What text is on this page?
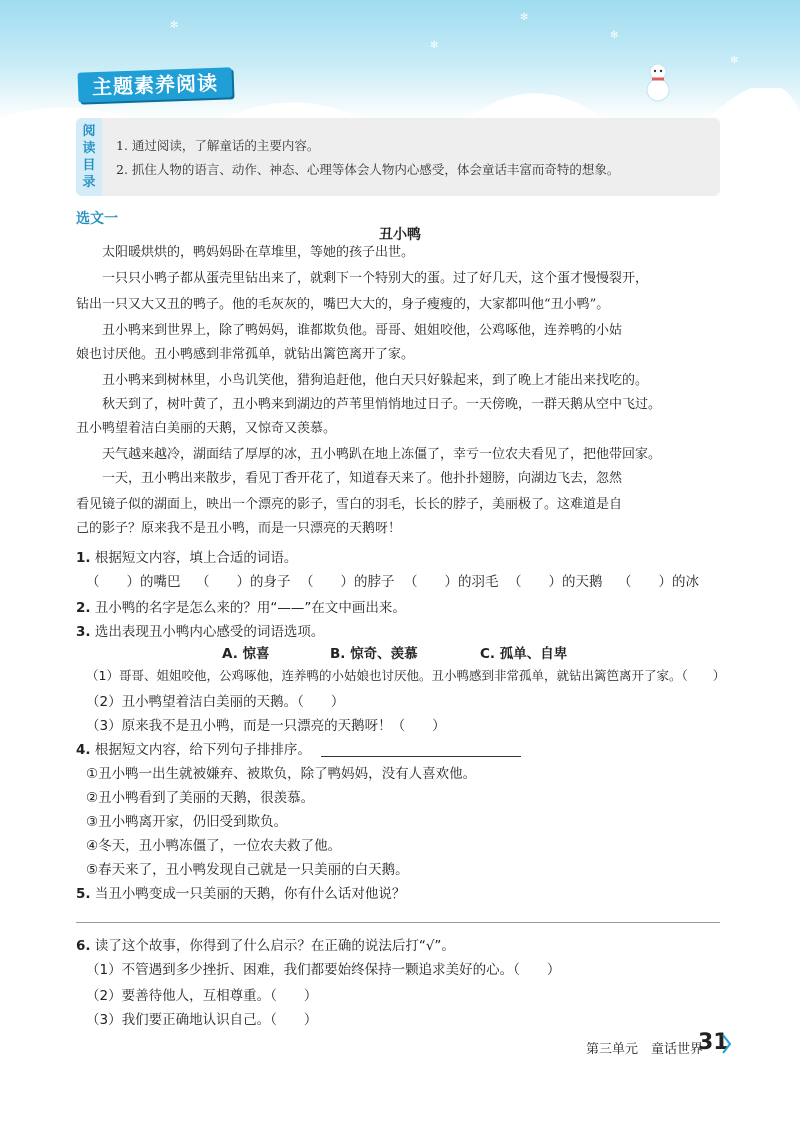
✻
✻
✻
✻
✻
主题素养阅读
阅
读
目
录
1. 通过阅读，了解童话的主要内容。
2. 抓住人物的语言、动作、神态、心理等体会人物内心感受，体会童话丰富而奇特的想象。
选文一
丑小鸭
　　太阳暖烘烘的，鸭妈妈卧在草堆里，等她的孩子出世。
　　一只只小鸭子都从蛋壳里钻出来了，就剩下一个特别大的蛋。过了好几天，这个蛋才慢慢裂开，
钻出一只又大又丑的鸭子。他的毛灰灰的，嘴巴大大的，身子瘦瘦的，大家都叫他“丑小鸭”。
　　丑小鸭来到世界上，除了鸭妈妈，谁都欺负他。哥哥、姐姐咬他，公鸡啄他，连养鸭的小姑
娘也讨厌他。丑小鸭感到非常孤单，就钻出篱笆离开了家。
　　丑小鸭来到树林里，小鸟讥笑他，猎狗追赶他，他白天只好躲起来，到了晚上才能出来找吃的。
　　秋天到了，树叶黄了，丑小鸭来到湖边的芦苇里悄悄地过日子。一天傍晚，一群天鹅从空中飞过。
丑小鸭望着洁白美丽的天鹅，又惊奇又羡慕。
　　天气越来越冷，湖面结了厚厚的冰，丑小鸭趴在地上冻僵了，幸亏一位农夫看见了，把他带回家。
　　一天，丑小鸭出来散步，看见丁香开花了，知道春天来了。他扑扑翅膀，向湖边飞去，忽然
看见镜子似的湖面上，映出一个漂亮的影子，雪白的羽毛，长长的脖子，美丽极了。这难道是自
己的影子？原来我不是丑小鸭，而是一只漂亮的天鹅呀！
1. 根据短文内容，填上合适的词语。
（　　）的嘴巴 （　　）的身子 （　　）的脖子 （　　）的羽毛 （　　）的天鹅 （　　）的冰
2. 丑小鸭的名字是怎么来的？用“——”在文中画出来。
3. 选出表现丑小鸭内心感受的词语选项。
A. 惊喜	B. 惊奇、羡慕	C. 孤单、自卑
（1）哥哥、姐姐咬他，公鸡啄他，连养鸭的小姑娘也讨厌他。丑小鸭感到非常孤单，就钻出篱笆离开了家。（　　）
（2）丑小鸭望着洁白美丽的天鹅。（　　）
（3）原来我不是丑小鸭，而是一只漂亮的天鹅呀！（　　）
4. 根据短文内容，给下列句子排排序。
①丑小鸭一出生就被嫌弃、被欺负，除了鸭妈妈，没有人喜欢他。
②丑小鸭看到了美丽的天鹅，很羡慕。
③丑小鸭离开家，仍旧受到欺负。
④冬天，丑小鸭冻僵了，一位农夫救了他。
⑤春天来了，丑小鸭发现自己就是一只美丽的白天鹅。
5. 当丑小鸭变成一只美丽的天鹅，你有什么话对他说？
6. 读了这个故事，你得到了什么启示？在正确的说法后打“√”。
（1）不管遇到多少挫折、困难，我们都要始终保持一颗追求美好的心。（　　）
（2）要善待他人，互相尊重。（　　）
（3）我们要正确地认识自己。（　　）
第三单元　童话世界
31
